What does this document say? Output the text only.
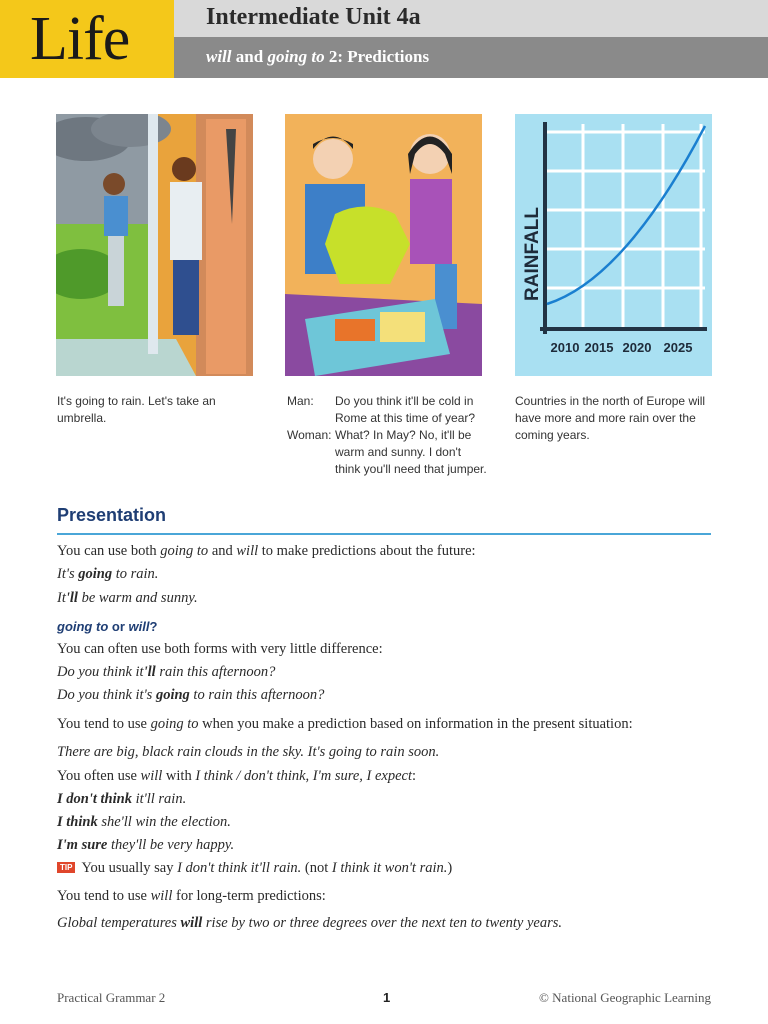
Life	Intermediate Unit 4a
will and going to 2: Predictions
RAINFALL
2010 2015 2020 2025
It's going to rain. Let's take an umbrella.
Man:	Do you think it'll be cold in Rome at this time of year?
Woman: What? In May? No, it'll be warm and sunny. I don't think you'll need that jumper.
Countries in the north of Europe will have more and more rain over the coming years.
Presentation
You can use both going to and will to make predictions about the future:
It's going to rain.
It'll be warm and sunny.
going to or will?
You can often use both forms with very little difference:
Do you think it'll rain this afternoon?
Do you think it's going to rain this afternoon?
You tend to use going to when you make a prediction based on information in the present situation:
There are big, black rain clouds in the sky. It's going to rain soon.
You often use will with I think / don't think, I'm sure, I expect:
I don't think it'll rain.
I think she'll win the election.
I'm sure they'll be very happy.
TIP You usually say I don't think it'll rain. (not I think it won't rain.)
You tend to use will for long-term predictions:
Global temperatures will rise by two or three degrees over the next ten to twenty years.
Practical Grammar 2	1	© National Geographic Learning
